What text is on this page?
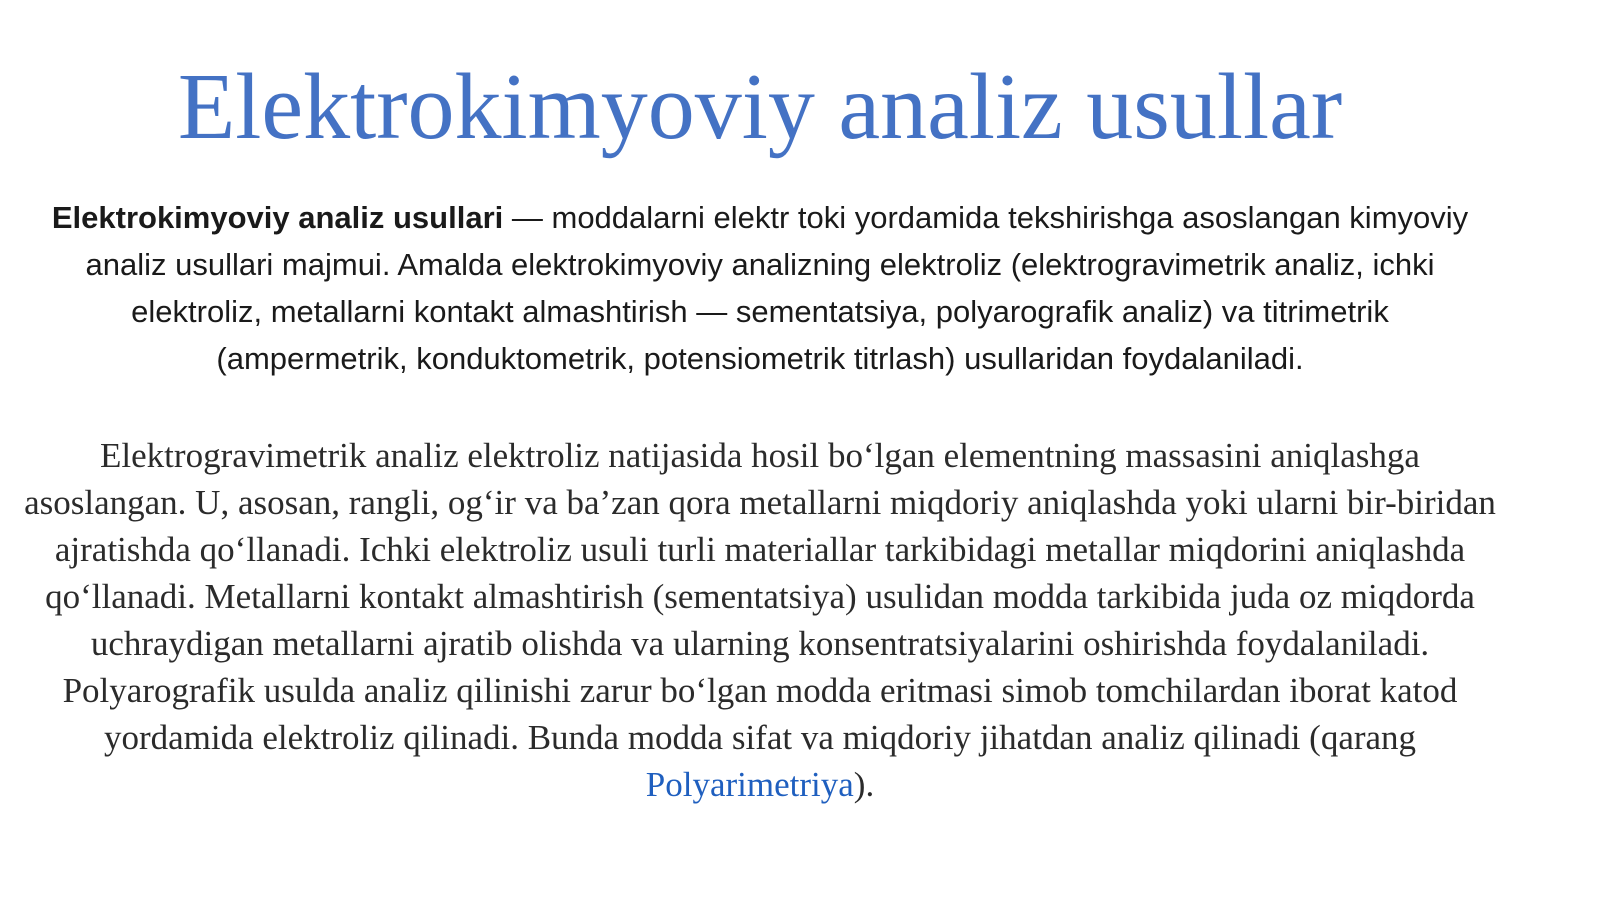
Elektrokimyoviy analiz usullar

Elektrokimyoviy analiz usullari — moddalarni elektr toki yordamida tekshirishga asoslangan kimyoviy analiz usullari majmui. Amalda elektrokimyoviy analizning elektroliz (elektrogravimetrik analiz, ichki elektroliz, metallarni kontakt almashtirish — sementatsiya, polyarografik analiz) va titrimetrik (ampermetrik, konduktometrik, potensiometrik titrlash) usullaridan foydalaniladi.

Elektrogravimetrik analiz elektroliz natijasida hosil bo‘lgan elementning massasini aniqlashga asoslangan. U, asosan, rangli, og‘ir va ba’zan qora metallarni miqdoriy aniqlashda yoki ularni bir-biridan ajratishda qo‘llanadi. Ichki elektroliz usuli turli materiallar tarkibidagi metallar miqdorini aniqlashda qo‘llanadi. Metallarni kontakt almashtirish (sementatsiya) usulidan modda tarkibida juda oz miqdorda uchraydigan metallarni ajratib olishda va ularning konsentratsiyalarini oshirishda foydalaniladi. Polyarografik usulda analiz qilinishi zarur bo‘lgan modda eritmasi simob tomchilardan iborat katod yordamida elektroliz qilinadi. Bunda modda sifat va miqdoriy jihatdan analiz qilinadi (qarang Polyarimetriya).
